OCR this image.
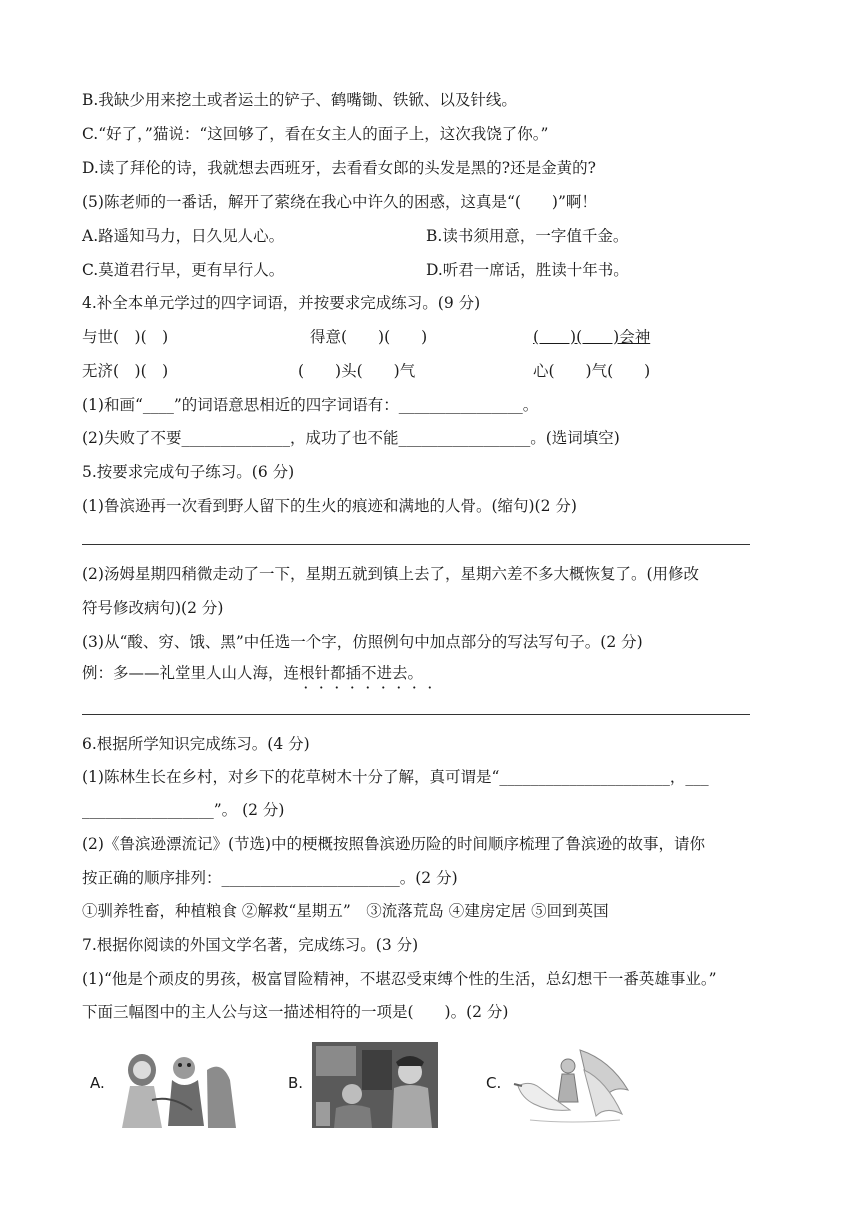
B.我缺少用来挖土或者运土的铲子、鹤嘴锄、铁锨、以及针线。
C.“好了，”猫说：“这回够了，看在女主人的面子上，这次我饶了你。”
D.读了拜伦的诗，我就想去西班牙，去看看女郎的头发是黑的?还是金黄的?
(5)陈老师的一番话，解开了萦绕在我心中许久的困惑，这真是“(　　)”啊！
A.路遥知马力，日久见人心。	B.读书须用意，一字值千金。
C.莫道君行早，更有早行人。	D.听君一席话，胜读十年书。
4.补全本单元学过的四字词语，并按要求完成练习。(9 分)
与世(　)(　)	得意(　　)(　　)	(　　)(　　)会神
无济(　)(　)	(　　)头(　　)气	心(　　)气(　　)
(1)和画“____”的词语意思相近的四字词语有：________________。
(2)失败了不要______________，成功了也不能_________________。(选词填空)
5.按要求完成句子练习。(6 分)
(1)鲁滨逊再一次看到野人留下的生火的痕迹和满地的人骨。(缩句)(2 分)
(2)汤姆星期四稍微走动了一下，星期五就到镇上去了，星期六差不多大概恢复了。(用修改
符号修改病句)(2 分)
(3)从“酸、穷、饿、黑”中任选一个字，仿照例句中加点部分的写法写句子。(2 分)
例：多——礼堂里人山人海，连根针都插不进去。
· · · · · · · · ·
6.根据所学知识完成练习。(4 分)
(1)陈林生长在乡村，对乡下的花草树木十分了解，真可谓是“______________________，___
_________________”。 (2 分)
(2)《鲁滨逊漂流记》(节选)中的梗概按照鲁滨逊历险的时间顺序梳理了鲁滨逊的故事，请你
按正确的顺序排列：_______________________。(2 分)
①驯养牲畜，种植粮食 ②解救“星期五”　③流落荒岛 ④建房定居 ⑤回到英国
7.根据你阅读的外国文学名著，完成练习。(3 分)
(1)“他是个顽皮的男孩，极富冒险精神，不堪忍受束缚个性的生活，总幻想干一番英雄事业。”
下面三幅图中的主人公与这一描述相符的一项是(　　)。(2 分)
A.	B.	C.
